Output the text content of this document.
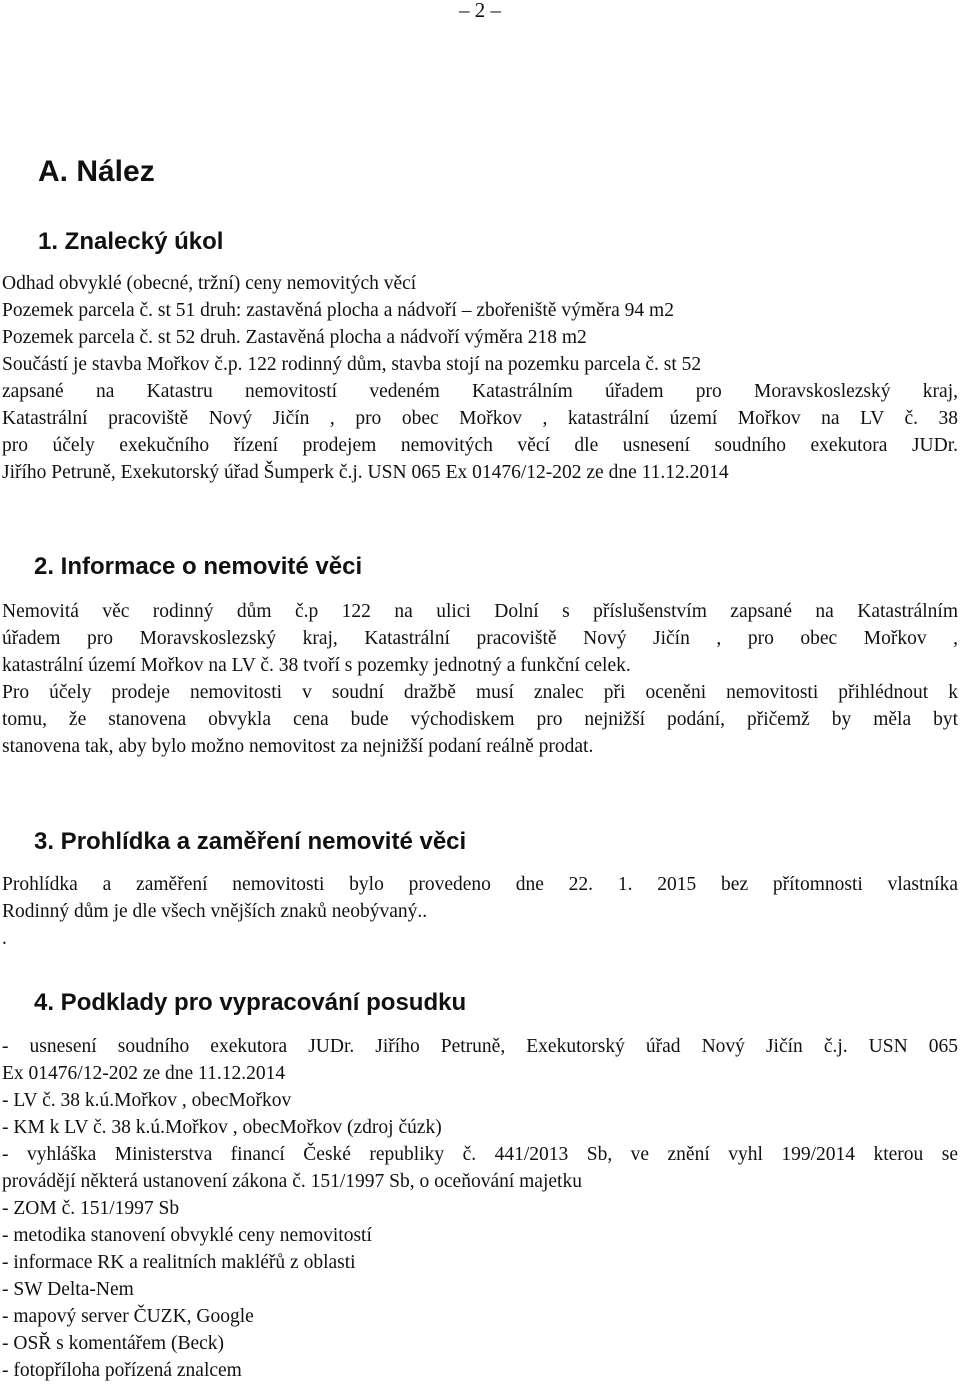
– 2 –
A. Nález
1. Znalecký úkol
Odhad obvyklé (obecné, tržní) ceny nemovitých věcí
Pozemek parcela č. st 51 druh: zastavěná plocha a nádvoří – zbořeniště výměra 94 m2
Pozemek parcela č. st 52 druh. Zastavěná plocha a nádvoří výměra 218 m2
Součástí je stavba Mořkov č.p. 122 rodinný dům, stavba stojí na pozemku parcela č. st 52
zapsané na Katastru nemovitostí vedeném Katastrálním úřadem pro Moravskoslezský kraj,
Katastrální pracoviště Nový Jičín , pro obec Mořkov , katastrální území Mořkov na LV č. 38
pro účely exekučního řízení prodejem nemovitých věcí dle usnesení soudního exekutora JUDr.
Jiřího Petruně, Exekutorský úřad Šumperk č.j. USN 065 Ex 01476/12-202 ze dne 11.12.2014
2. Informace o nemovité věci
Nemovitá věc rodinný dům č.p 122 na ulici Dolní s příslušenstvím zapsané na Katastrálním
úřadem pro Moravskoslezský kraj, Katastrální pracoviště Nový Jičín , pro obec Mořkov ,
katastrální území Mořkov na LV č. 38 tvoří s pozemky jednotný a funkční celek.
Pro účely prodeje nemovitosti v soudní dražbě musí znalec při oceněni nemovitosti přihlédnout k
tomu, že stanovena obvykla cena bude východiskem pro nejnižší podání, přičemž by měla byt
stanovena tak, aby bylo možno nemovitost za nejnižší podaní reálně prodat.
3. Prohlídka a zaměření nemovité věci
Prohlídka a zaměření nemovitosti bylo provedeno dne 22. 1. 2015 bez přítomnosti vlastníka
Rodinný dům je dle všech vnějších znaků neobývaný..
.
4. Podklady pro vypracování posudku
- usnesení soudního exekutora JUDr. Jiřího Petruně, Exekutorský úřad Nový Jičín č.j. USN 065
Ex 01476/12-202 ze dne 11.12.2014
- LV č. 38 k.ú.Mořkov , obecMořkov
- KM k LV č. 38 k.ú.Mořkov , obecMořkov (zdroj čúzk)
- vyhláška Ministerstva financí České republiky č. 441/2013 Sb, ve znění vyhl 199/2014 kterou se
provádějí některá ustanovení zákona č. 151/1997 Sb, o oceňování majetku
- ZOM č. 151/1997 Sb
- metodika stanovení obvyklé ceny nemovitostí
- informace RK a realitních makléřů z oblasti
- SW Delta-Nem
- mapový server ČUZK, Google
- OSŘ s komentářem (Beck)
- fotopříloha pořízená znalcem
